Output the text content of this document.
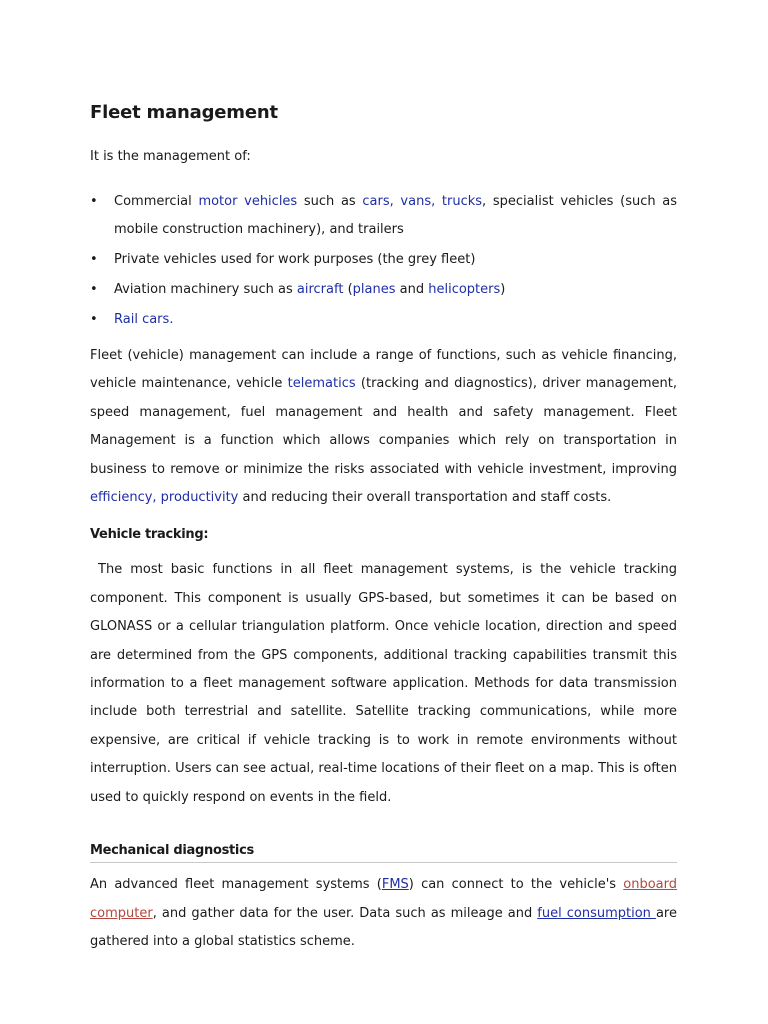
Fleet management
It is the management of:
• Commercial motor vehicles such as cars, vans, trucks, specialist vehicles (such as mobile construction machinery), and trailers
• Private vehicles used for work purposes (the grey fleet)
• Aviation machinery such as aircraft (planes and helicopters)
• Rail cars.

Fleet (vehicle) management can include a range of functions, such as vehicle financing, vehicle maintenance, vehicle telematics (tracking and diagnostics), driver management, speed management, fuel management and health and safety management. Fleet Management is a function which allows companies which rely on transportation in business to remove or minimize the risks associated with vehicle investment, improving efficiency, productivity and reducing their overall transportation and staff costs.

Vehicle tracking:

The most basic functions in all fleet management systems, is the vehicle tracking component. This component is usually GPS-based, but sometimes it can be based on GLONASS or a cellular triangulation platform. Once vehicle location, direction and speed are determined from the GPS components, additional tracking capabilities transmit this information to a fleet management software application. Methods for data transmission include both terrestrial and satellite. Satellite tracking communications, while more expensive, are critical if vehicle tracking is to work in remote environments without interruption. Users can see actual, real-time locations of their fleet on a map. This is often used to quickly respond on events in the field.

Mechanical diagnostics

An advanced fleet management systems (FMS) can connect to the vehicle's onboard computer, and gather data for the user. Data such as mileage and fuel consumption are gathered into a global statistics scheme.
